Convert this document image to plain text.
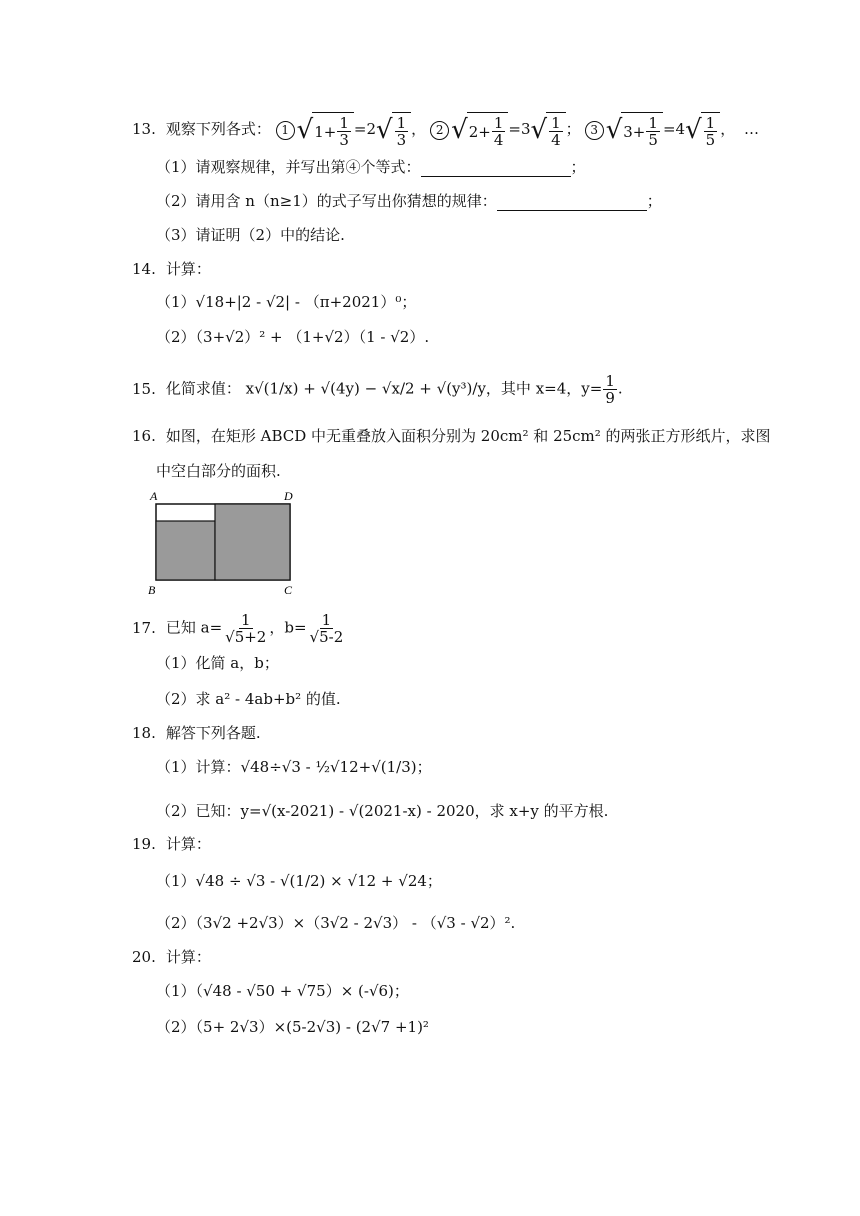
13. 观察下列各式： 1 √ $1+ \frac{1}{3} =2$ √ $\frac{1}{3}$ ， 2 √ $2+ \frac{1}{4} =3$ √ $\frac{1}{4}$ ； 3 √ $3+ \frac{1}{5} =4$ √ $\frac{1}{5}$ ， …
（1）请观察规律，并写出第④个等式：	；
（2）请用含 n（n≥1）的式子写出你猜想的规律：	；
（3）请证明（2）中的结论.
14. 计算：
（1）√18+|2 - √2| - （π+2021）⁰；
（2）（3+√2）² + （1+√2）（1 - √2）.
15. 化简求值： x√(1/x) + √(4y) − √x/2 + √(y³)/y，其中 x=4，$y= \frac{1}{9}$ .
16. 如图，在矩形 ABCD 中无重叠放入面积分别为 20cm² 和 25cm² 的两张正方形纸片，求图
中空白部分的面积.
A	D
B	C
17. 已知 $a= \frac{1}{√5+2}$ ，$b= \frac{1}{√5-2}$
（1）化简 a，b；
（2）求 a² - 4ab+b² 的值.
18. 解答下列各题.
（1）计算：√48÷√3 - ½√12+√(1/3)；
（2）已知：y=√(x-2021) - √(2021-x) - 2020，求 x+y 的平方根.
19. 计算：
（1）√48 ÷ √3 - √(1/2) × √12 + √24；
（2）（3√2 +2√3）×（3√2 - 2√3） - （√3 - √2）².
20. 计算：
（1）（√48 - √50 + √75）× (-√6)；
（2）（5+ 2√3）×(5-2√3) - (2√7 +1)²
